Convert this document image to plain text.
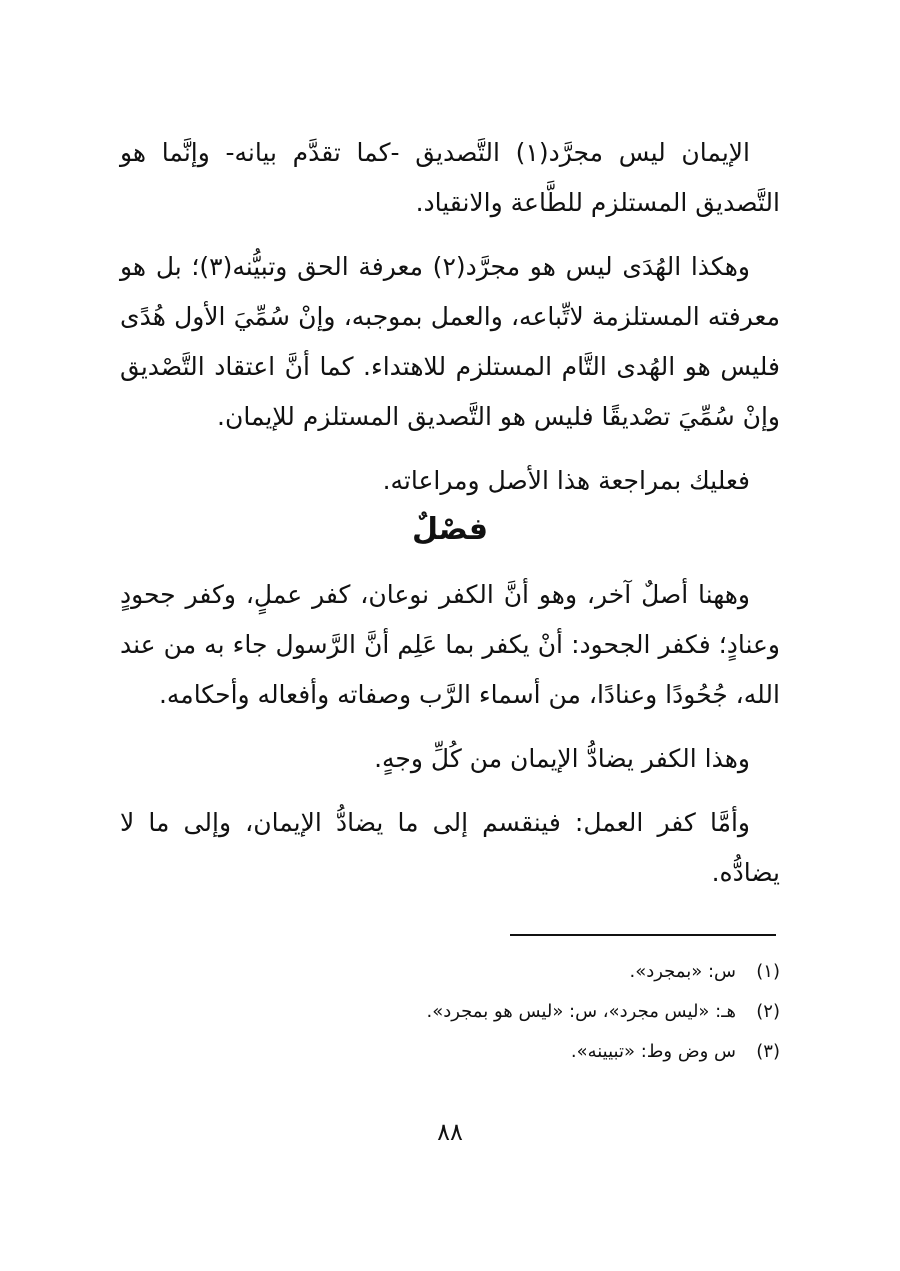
الإيمان ليس مجرَّد(١) التَّصديق -كما تقدَّم بيانه- وإنَّما هو التَّصديق المستلزم للطَّاعة والانقياد.

وهكذا الهُدَى ليس هو مجرَّد(٢) معرفة الحق وتبيُّنه(٣)؛ بل هو معرفته المستلزمة لاتِّباعه، والعمل بموجبه، وإنْ سُمِّيَ الأول هُدًى فليس هو الهُدى التَّام المستلزم للاهتداء. كما أنَّ اعتقاد التَّصْديق وإنْ سُمِّيَ تصْديقًا فليس هو التَّصديق المستلزم للإيمان.

فعليك بمراجعة هذا الأصل ومراعاته.

فصْلٌ

وههنا أصلٌ آخر، وهو أنَّ الكفر نوعان، كفر عملٍ، وكفر جحودٍ وعنادٍ؛ فكفر الجحود: أنْ يكفر بما عَلِم أنَّ الرَّسول جاء به من عند الله، جُحُودًا وعنادًا، من أسماء الرَّب وصفاته وأفعاله وأحكامه.

وهذا الكفر يضادُّ الإيمان من كُلِّ وجهٍ.

وأمَّا كفر العمل: فينقسم إلى ما يضادُّ الإيمان، وإلى ما لا يضادُّه.

(١)
س: «بمجرد».
(٢)
هـ: «ليس مجرد»، س: «ليس هو بمجرد».
(٣)
س وض وط: «تبيينه».
٨٨
